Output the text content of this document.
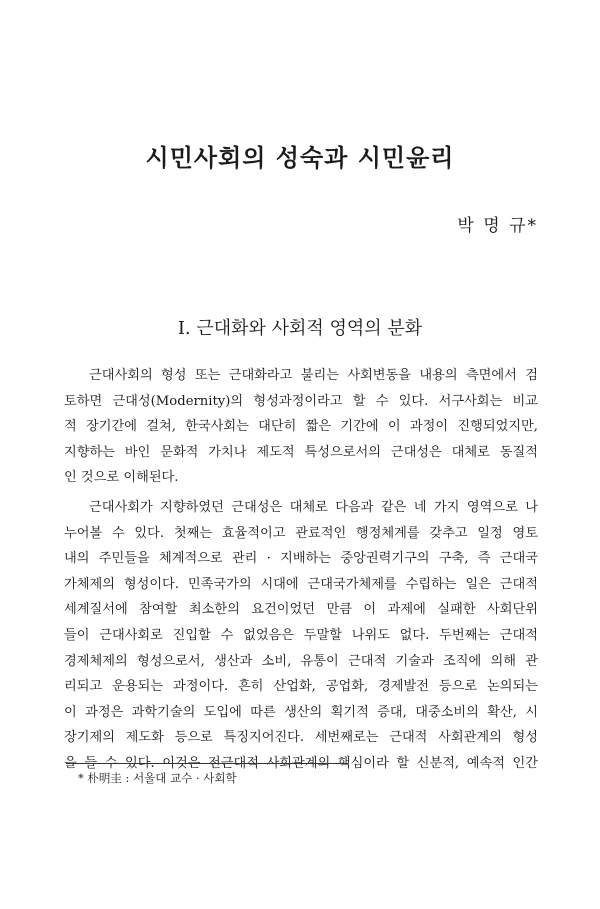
시민사회의 성숙과 시민윤리
박 명 규*
Ⅰ. 근대화와 사회적 영역의 분화

근대사회의 형성 또는 근대화라고 불리는 사회변동을 내용의 측면에서 검

토하면 근대성(Modernity)의 형성과정이라고 할 수 있다. 서구사회는 비교

적 장기간에 걸쳐, 한국사회는 대단히 짧은 기간에 이 과정이 진행되었지만,

지향하는 바인 문화적 가치나 제도적 특성으로서의 근대성은 대체로 동질적

인 것으로 이해된다.

근대사회가 지향하였던 근대성은 대체로 다음과 같은 네 가지 영역으로 나

누어볼 수 있다. 첫째는 효율적이고 관료적인 행정체계를 갖추고 일정 영토

내의 주민들을 체계적으로 관리 · 지배하는 중앙권력기구의 구축, 즉 근대국

가체제의 형성이다. 민족국가의 시대에 근대국가체제를 수립하는 일은 근대적

세계질서에 참여할 최소한의 요건이었던 만큼 이 과제에 실패한 사회단위

들이 근대사회로 진입할 수 없었음은 두말할 나위도 없다. 두번째는 근대적

경제체제의 형성으로서, 생산과 소비, 유통이 근대적 기술과 조직에 의해 관

리되고 운용되는 과정이다. 흔히 산업화, 공업화, 경제발전 등으로 논의되는

이 과정은 과학기술의 도입에 따른 생산의 획기적 증대, 대중소비의 확산, 시

장기제의 제도화 등으로 특징지어진다. 세번째로는 근대적 사회관계의 형성

을 들 수 있다. 이것은 전근대적 사회관계의 핵심이라 할 신분적, 예속적 인간

* 朴明圭 : 서울대 교수 · 사회학
